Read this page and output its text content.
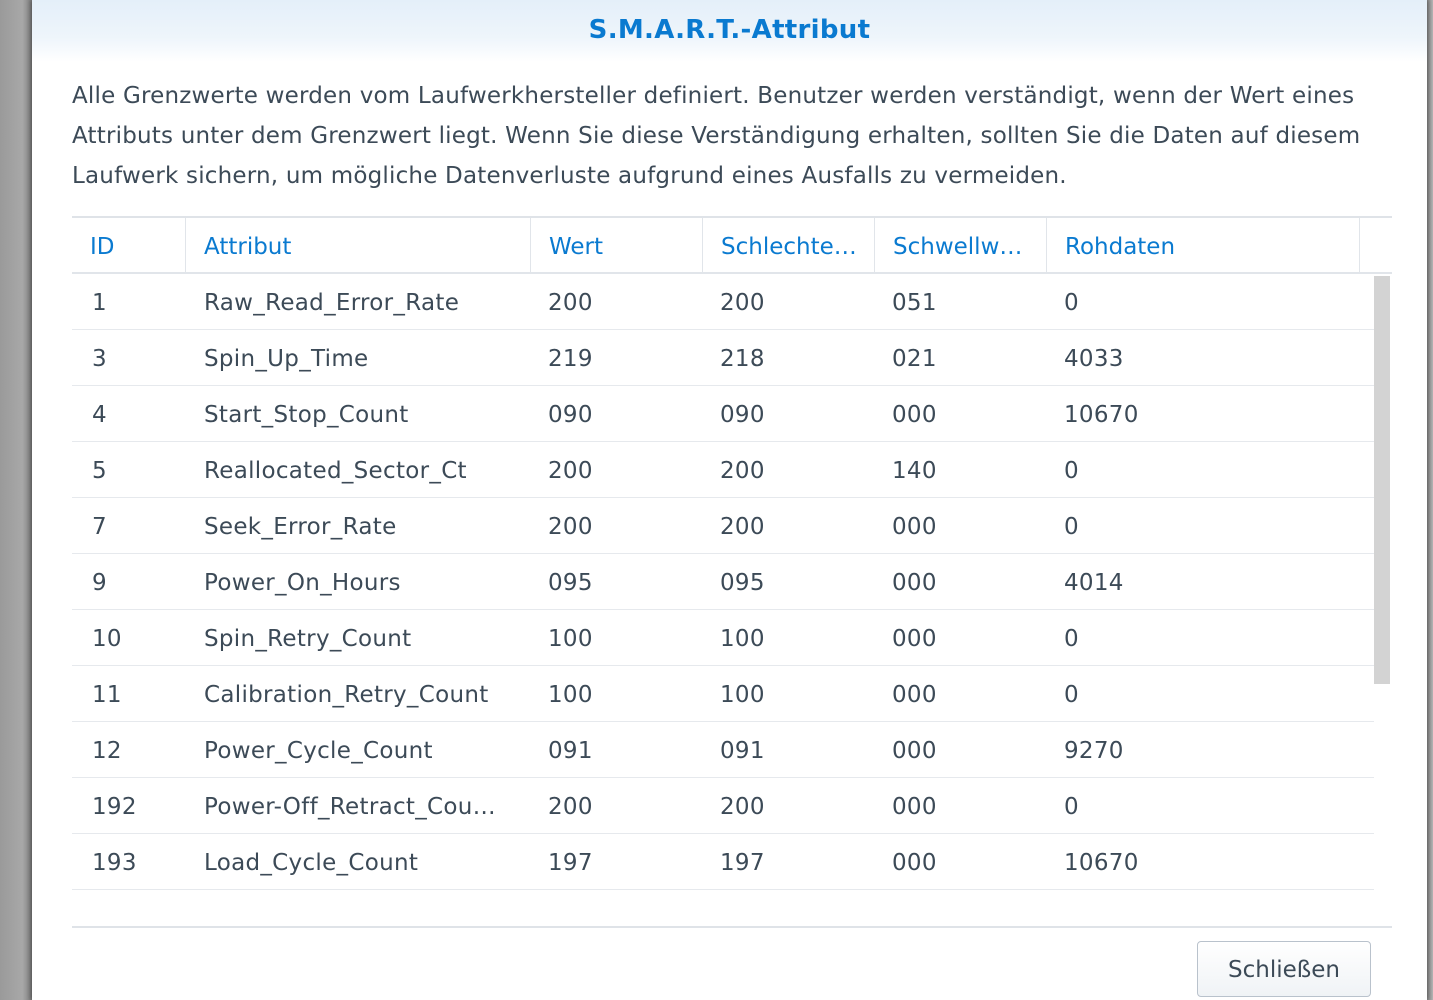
S.M.A.R.T.-Attribut
Alle Grenzwerte werden vom Laufwerkhersteller definiert. Benutzer werden verständigt, wenn der Wert eines Attributs unter dem Grenzwert liegt. Wenn Sie diese Verständigung erhalten, sollten Sie die Daten auf diesem Laufwerk sichern, um mögliche Datenverluste aufgrund eines Ausfalls zu vermeiden.
ID	Attribut	Wert	Schlechte…	Schwellw…	Rohdaten
1	Raw_Read_Error_Rate	200	200	051	0
3	Spin_Up_Time	219	218	021	4033
4	Start_Stop_Count	090	090	000	10670
5	Reallocated_Sector_Ct	200	200	140	0
7	Seek_Error_Rate	200	200	000	0
9	Power_On_Hours	095	095	000	4014
10	Spin_Retry_Count	100	100	000	0
11	Calibration_Retry_Count	100	100	000	0
12	Power_Cycle_Count	091	091	000	9270
192	Power-Off_Retract_Cou…	200	200	000	0
193	Load_Cycle_Count	197	197	000	10670
Schließen
